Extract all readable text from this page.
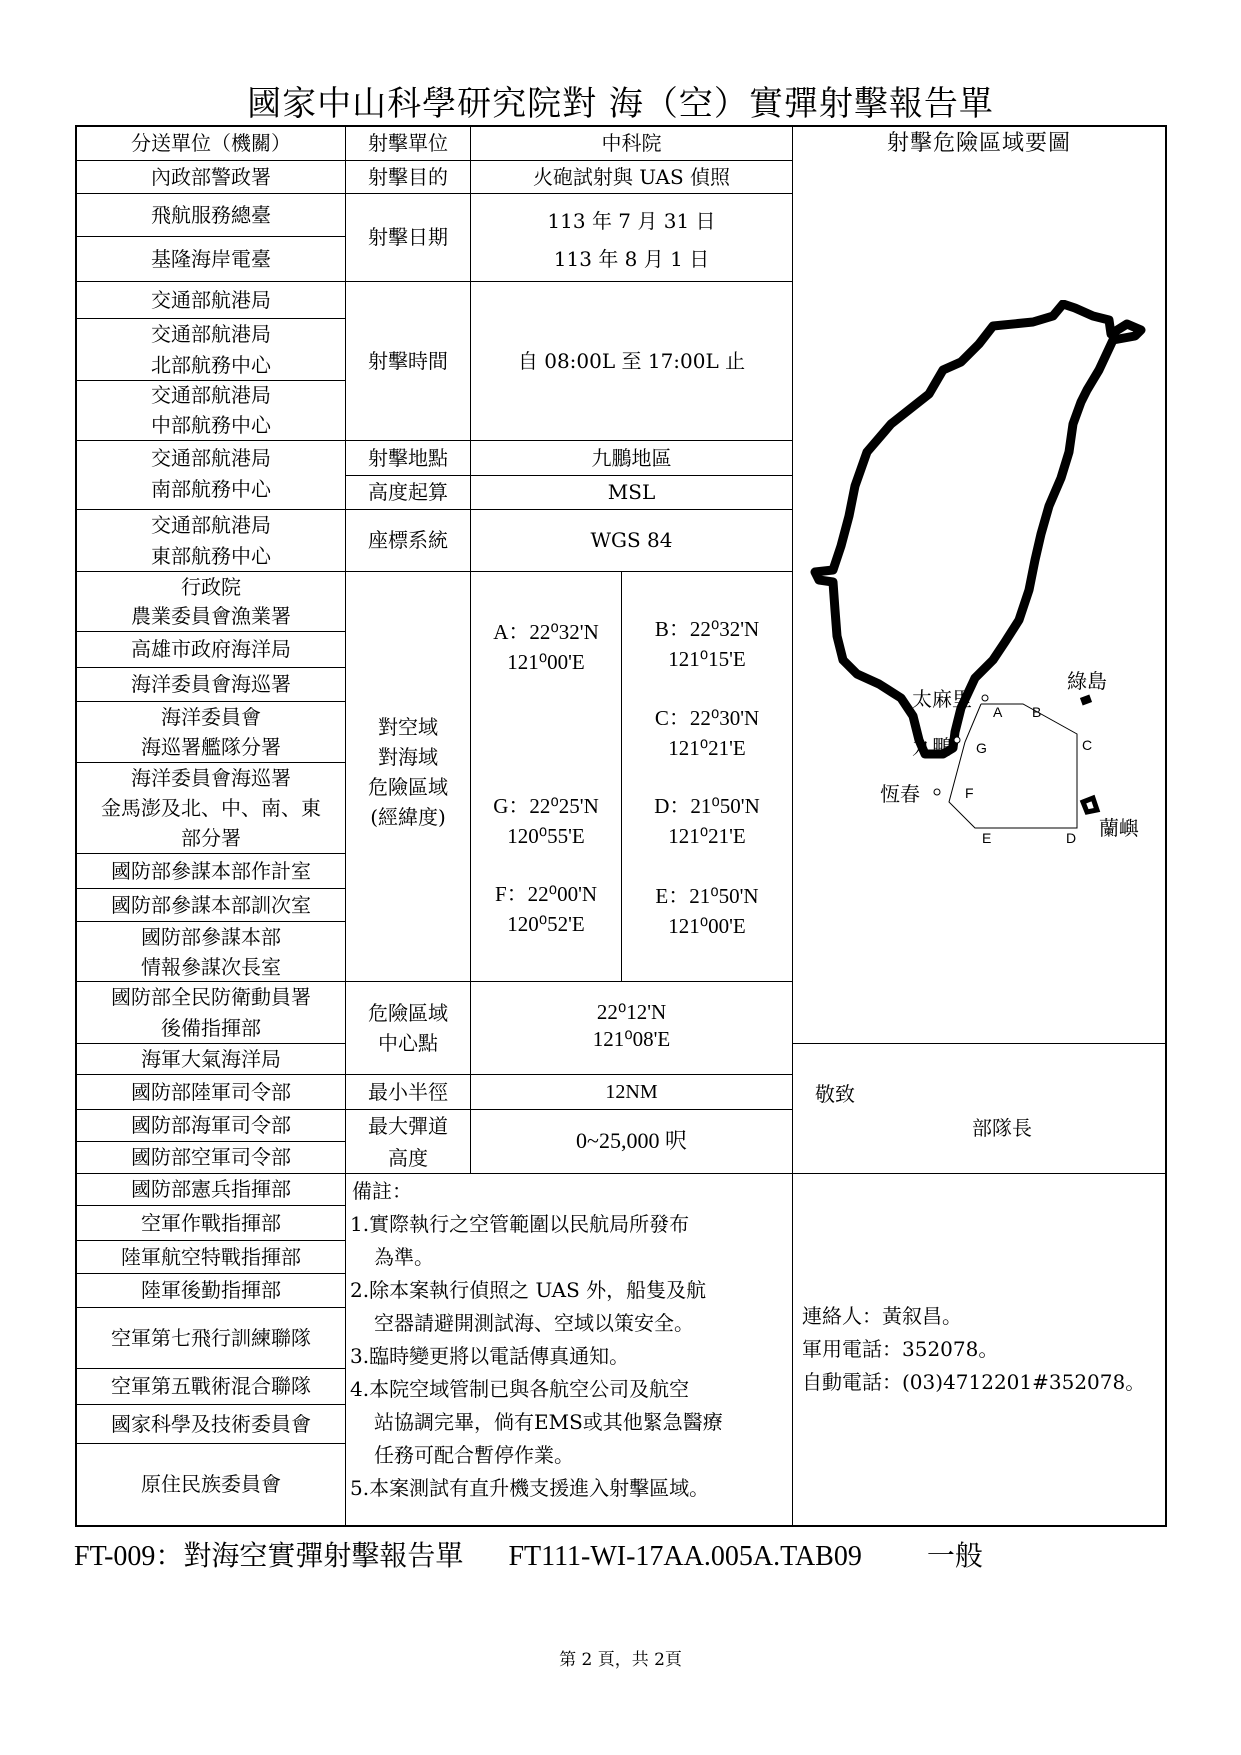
國家中山科學研究院對 海（空）實彈射擊報告單
分送單位（機關）
內政部警政署
飛航服務總臺
基隆海岸電臺
交通部航港局
交通部航港局
北部航務中心
交通部航港局
中部航務中心
交通部航港局
南部航務中心
交通部航港局
東部航務中心
行政院
農業委員會漁業署
高雄市政府海洋局
海洋委員會海巡署
海洋委員會
海巡署艦隊分署
海洋委員會海巡署
金馬澎及北、中、南、東
部分署
國防部參謀本部作計室
國防部參謀本部訓次室
國防部參謀本部
情報參謀次長室
國防部全民防衛動員署
後備指揮部
海軍大氣海洋局
國防部陸軍司令部
國防部海軍司令部
國防部空軍司令部
國防部憲兵指揮部
空軍作戰指揮部
陸軍航空特戰指揮部
陸軍後勤指揮部
空軍第七飛行訓練聯隊
空軍第五戰術混合聯隊
國家科學及技術委員會
原住民族委員會
射擊單位
射擊目的
射擊日期
射擊時間
射擊地點
高度起算
座標系統
對空域
對海域
危險區域
(經緯度)
危險區域
中心點
最小半徑
最大彈道
高度
中科院
火砲試射與 UAS 偵照
113 年 7 月 31 日
113 年 8 月 1 日
自 08:00L 至 17:00L 止
九鵬地區
MSL
WGS 84
A：22⁰32'N
121⁰00'E
B：22⁰32'N
121⁰15'E
C：22⁰30'N
121⁰21'E
G：22⁰25'N
120⁰55'E
D：21⁰50'N
121⁰21'E
F：22⁰00'N
120⁰52'E
E：21⁰50'N
121⁰00'E
22⁰12'N
121⁰08'E
12NM
0~25,000 呎
射擊危險區域要圖
太麻里
九鵬
恆春
綠島
蘭嶼
A B
C
D
E
F
G
敬致
部隊長
備註：
1.實際執行之空管範圍以民航局所發布
為準。
2.除本案執行偵照之 UAS 外，船隻及航
空器請避開測試海、空域以策安全。
3.臨時變更將以電話傳真通知。
4.本院空域管制已與各航空公司及航空
站協調完畢，倘有EMS或其他緊急醫療
任務可配合暫停作業。
5.本案測試有直升機支援進入射擊區域。
連絡人：黃叙昌。
軍用電話：352078。
自動電話：(03)4712201#352078。
FT-009：對海空實彈射擊報告單 FT111-WI-17AA.005A.TAB09 一般
第 2 頁，共 2頁
